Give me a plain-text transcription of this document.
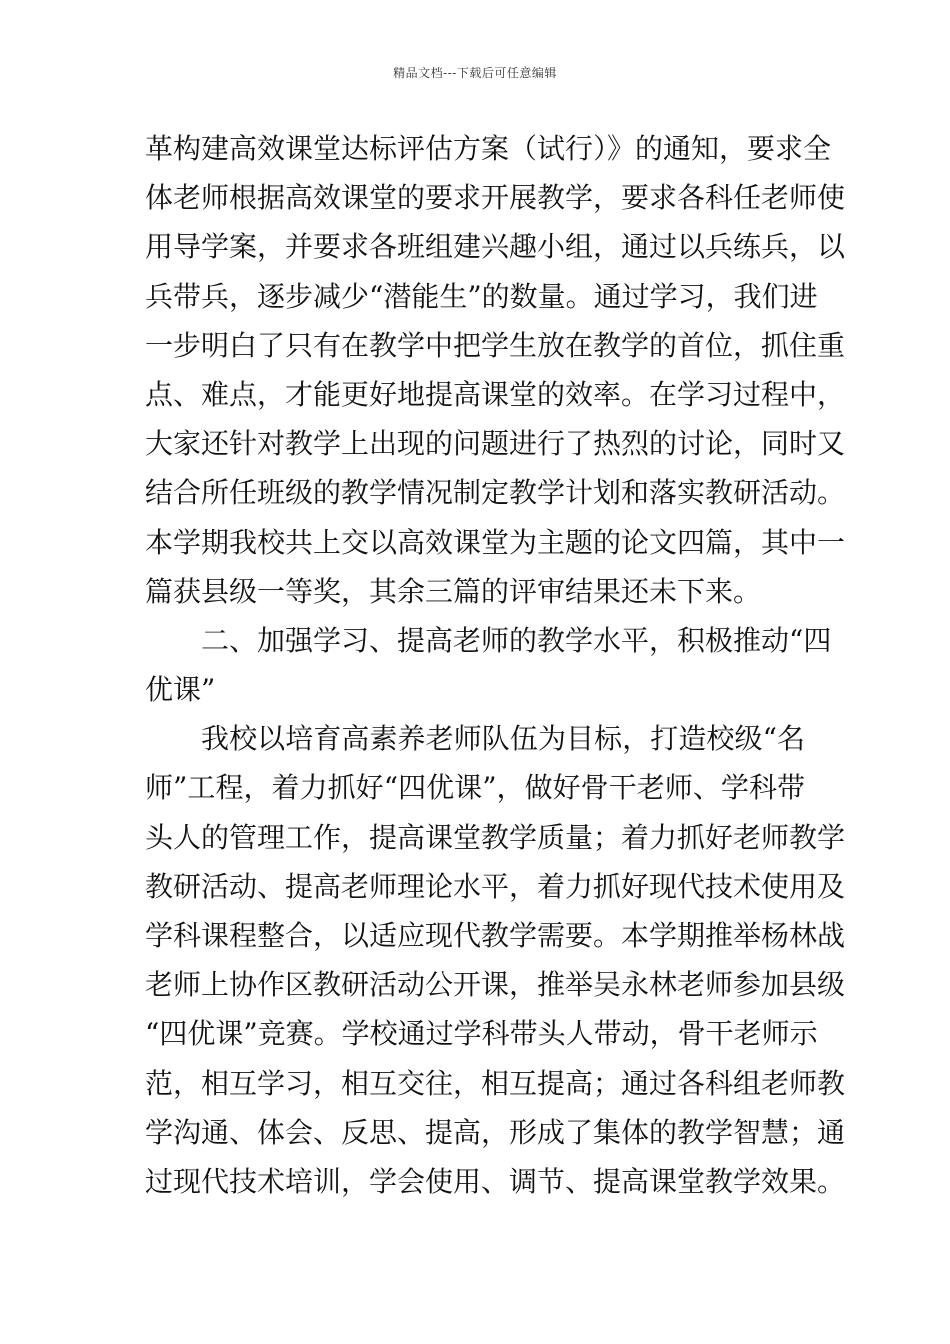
精品文档---下载后可任意编辑
革构建高效课堂达标评估方案（试行）》的通知，要求全
体老师根据高效课堂的要求开展教学，要求各科任老师使
用导学案，并要求各班组建兴趣小组，通过以兵练兵，以
兵带兵，逐步减少“潜能生”的数量。通过学习，我们进
一步明白了只有在教学中把学生放在教学的首位，抓住重
点、难点，才能更好地提高课堂的效率。在学习过程中，
大家还针对教学上出现的问题进行了热烈的讨论，同时又
结合所任班级的教学情况制定教学计划和落实教研活动。
本学期我校共上交以高效课堂为主题的论文四篇，其中一
篇获县级一等奖，其余三篇的评审结果还未下来。
二、加强学习、提高老师的教学水平，积极推动“四
优课”
我校以培育高素养老师队伍为目标，打造校级“名
师”工程，着力抓好“四优课”，做好骨干老师、学科带
头人的管理工作，提高课堂教学质量；着力抓好老师教学
教研活动、提高老师理论水平，着力抓好现代技术使用及
学科课程整合，以适应现代教学需要。本学期推举杨林战
老师上协作区教研活动公开课，推举吴永林老师参加县级
“四优课”竞赛。学校通过学科带头人带动，骨干老师示
范，相互学习，相互交往，相互提高；通过各科组老师教
学沟通、体会、反思、提高，形成了集体的教学智慧；通
过现代技术培训，学会使用、调节、提高课堂教学效果。
